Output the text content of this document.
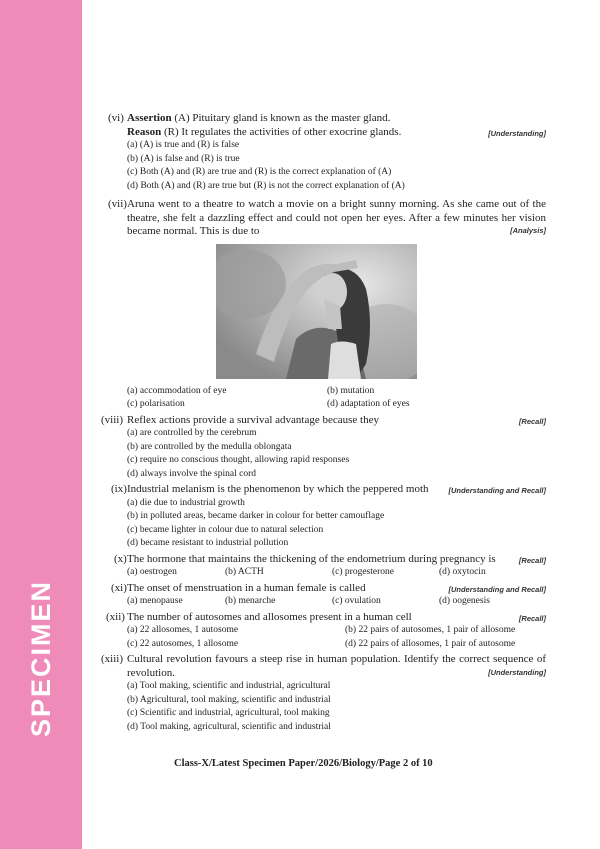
SPECIMEN
(vi) Assertion (A) Pituitary gland is known as the master gland.
Reason (R) It regulates the activities of other exocrine glands.	[Understanding]
(a) (A) is true and (R) is false
(b) (A) is false and (R) is true
(c) Both (A) and (R) are true and (R) is the correct explanation of (A)
(d) Both (A) and (R) are true but (R) is not the correct explanation of (A)
(vii) Aruna went to a theatre to watch a movie on a bright sunny morning. As she came out of the theatre, she felt a dazzling effect and could not open her eyes. After a few minutes her vision became normal. This is due to	[Analysis]
(a) accommodation of eye	(b) mutation
(c) polarisation	(d) adaptation of eyes
(viii) Reflex actions provide a survival advantage because they	[Recall]
(a) are controlled by the cerebrum
(b) are controlled by the medulla oblongata
(c) require no conscious thought, allowing rapid responses
(d) always involve the spinal cord
(ix) Industrial melanism is the phenomenon by which the peppered moth	[Understanding and Recall]
(a) die due to industrial growth
(b) in polluted areas, became darker in colour for better camouflage
(c) became lighter in colour due to natural selection
(d) became resistant to industrial pollution
(x) The hormone that maintains the thickening of the endometrium during pregnancy is	[Recall]
(a) oestrogen	(b) ACTH	(c) progesterone	(d) oxytocin
(xi) The onset of menstruation in a human female is called	[Understanding and Recall]
(a) menopause	(b) menarche	(c) ovulation	(d) oogenesis
(xii) The number of autosomes and allosomes present in a human cell	[Recall]
(a) 22 allosomes, 1 autosome	(b) 22 pairs of autosomes, 1 pair of allosome
(c) 22 autosomes, 1 allosome	(d) 22 pairs of allosomes, 1 pair of autosome
(xiii) Cultural revolution favours a steep rise in human population. Identify the correct sequence of revolution.	[Understanding]
(a) Tool making, scientific and industrial, agricultural
(b) Agricultural, tool making, scientific and industrial
(c) Scientific and industrial, agricultural, tool making
(d) Tool making, agricultural, scientific and industrial
Class-X/Latest Specimen Paper/2026/Biology/Page 2 of 10
